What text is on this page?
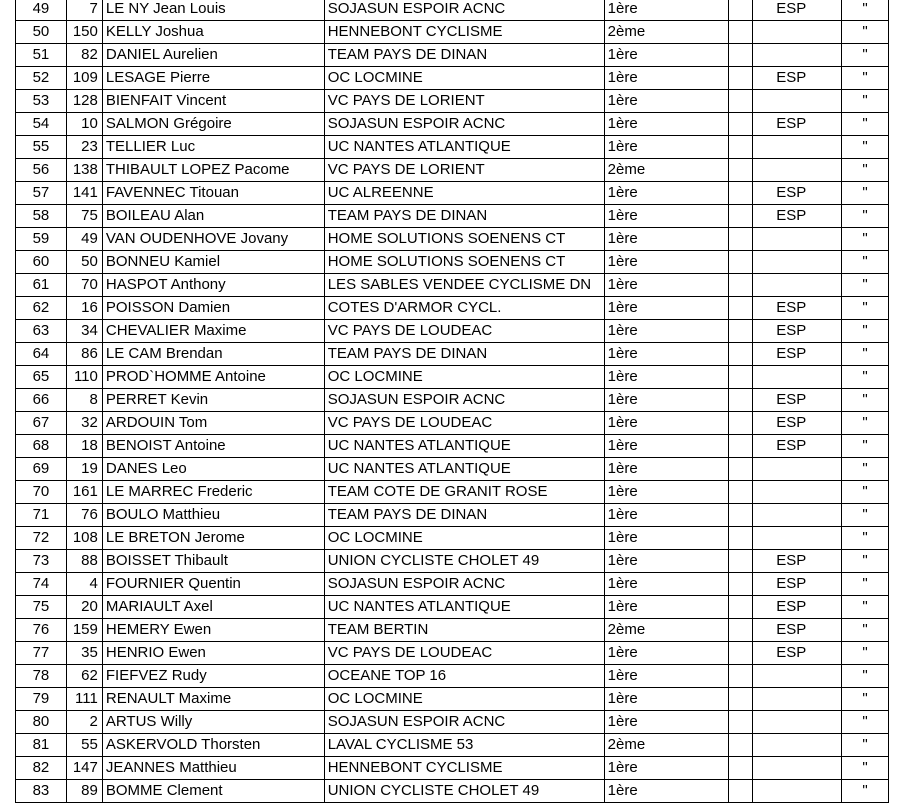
49	7	LE NY Jean Louis	SOJASUN ESPOIR ACNC	1ère		ESP	"
50	150	KELLY Joshua	HENNEBONT CYCLISME	2ème			"
51	82	DANIEL Aurelien	TEAM PAYS DE DINAN	1ère			"
52	109	LESAGE Pierre	OC LOCMINE	1ère		ESP	"
53	128	BIENFAIT Vincent	VC PAYS DE LORIENT	1ère			"
54	10	SALMON Grégoire	SOJASUN ESPOIR ACNC	1ère		ESP	"
55	23	TELLIER Luc	UC NANTES ATLANTIQUE	1ère			"
56	138	THIBAULT LOPEZ Pacome	VC PAYS DE LORIENT	2ème			"
57	141	FAVENNEC Titouan	UC ALREENNE	1ère		ESP	"
58	75	BOILEAU Alan	TEAM PAYS DE DINAN	1ère		ESP	"
59	49	VAN OUDENHOVE Jovany	HOME SOLUTIONS SOENENS CT	1ère			"
60	50	BONNEU Kamiel	HOME SOLUTIONS SOENENS CT	1ère			"
61	70	HASPOT Anthony	LES SABLES VENDEE CYCLISME DN	1ère			"
62	16	POISSON Damien	COTES D'ARMOR CYCL.	1ère		ESP	"
63	34	CHEVALIER Maxime	VC PAYS DE LOUDEAC	1ère		ESP	"
64	86	LE CAM Brendan	TEAM PAYS DE DINAN	1ère		ESP	"
65	110	PROD`HOMME Antoine	OC LOCMINE	1ère			"
66	8	PERRET Kevin	SOJASUN ESPOIR ACNC	1ère		ESP	"
67	32	ARDOUIN Tom	VC PAYS DE LOUDEAC	1ère		ESP	"
68	18	BENOIST Antoine	UC NANTES ATLANTIQUE	1ère		ESP	"
69	19	DANES Leo	UC NANTES ATLANTIQUE	1ère			"
70	161	LE MARREC Frederic	TEAM COTE DE GRANIT ROSE	1ère			"
71	76	BOULO Matthieu	TEAM PAYS DE DINAN	1ère			"
72	108	LE BRETON Jerome	OC LOCMINE	1ère			"
73	88	BOISSET Thibault	UNION CYCLISTE CHOLET 49	1ère		ESP	"
74	4	FOURNIER Quentin	SOJASUN ESPOIR ACNC	1ère		ESP	"
75	20	MARIAULT Axel	UC NANTES ATLANTIQUE	1ère		ESP	"
76	159	HEMERY Ewen	TEAM BERTIN	2ème		ESP	"
77	35	HENRIO Ewen	VC PAYS DE LOUDEAC	1ère		ESP	"
78	62	FIEFVEZ Rudy	OCEANE TOP 16	1ère			"
79	111	RENAULT Maxime	OC LOCMINE	1ère			"
80	2	ARTUS Willy	SOJASUN ESPOIR ACNC	1ère			"
81	55	ASKERVOLD Thorsten	LAVAL CYCLISME 53	2ème			"
82	147	JEANNES Matthieu	HENNEBONT CYCLISME	1ère			"
83	89	BOMME Clement	UNION CYCLISTE CHOLET 49	1ère			"
